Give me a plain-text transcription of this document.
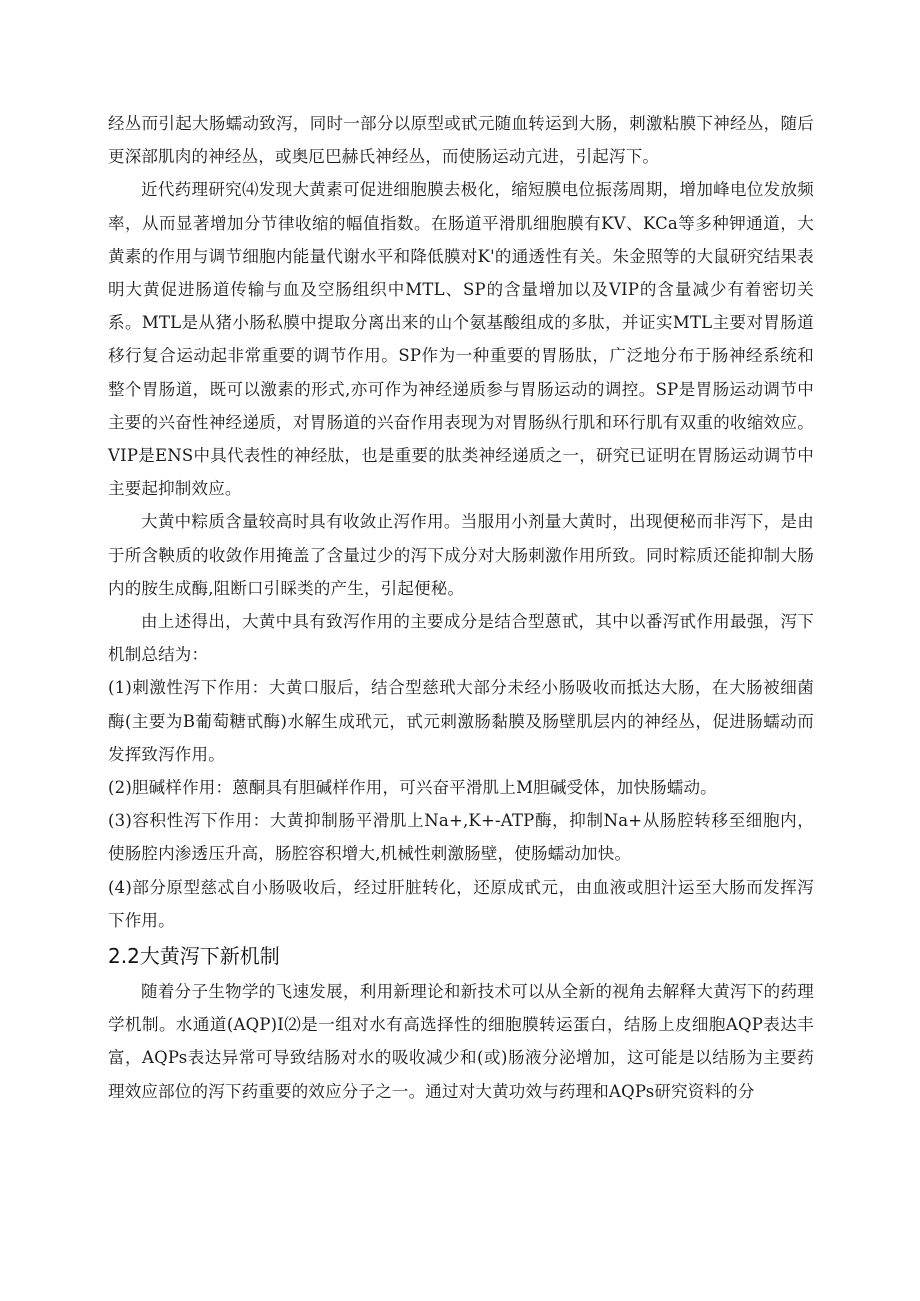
经丛而引起大肠蠕动致泻，同时一部分以原型或甙元随血转运到大肠，刺激粘膜下神经丛，随后更深部肌肉的神经丛，或奥厄巴赫氏神经丛，而使肠运动亢进，引起泻下。

近代药理研究⑷发现大黄素可促进细胞膜去极化，缩短膜电位振荡周期，增加峰电位发放频率，从而显著增加分节律收缩的幅值指数。在肠道平滑肌细胞膜有KV、KCa等多种钾通道，大黄素的作用与调节细胞内能量代谢水平和降低膜对K'的通透性有关。朱金照等的大鼠研究结果表明大黄促进肠道传输与血及空肠组织中MTL、SP的含量增加以及VIP的含量减少有着密切关系。MTL是从猪小肠私膜中提取分离出来的山个氨基酸组成的多肽，并证实MTL主要对胃肠道移行复合运动起非常重要的调节作用。SP作为一种重要的胃肠肽，广泛地分布于肠神经系统和整个胃肠道，既可以激素的形式,亦可作为神经递质参与胃肠运动的调控。SP是胃肠运动调节中主要的兴奋性神经递质，对胃肠道的兴奋作用表现为对胃肠纵行肌和环行肌有双重的收缩效应。VIP是ENS中具代表性的神经肽，也是重要的肽类神经递质之一，研究已证明在胃肠运动调节中主要起抑制效应。

大黄中粽质含量较高时具有收敛止泻作用。当服用小剂量大黄时，出现便秘而非泻下，是由于所含鞅质的收敛作用掩盖了含量过少的泻下成分对大肠刺激作用所致。同时粽质还能抑制大肠内的胺生成酶,阻断口引睬类的产生，引起便秘。

由上述得出，大黄中具有致泻作用的主要成分是结合型蒽甙，其中以番泻甙作用最强，泻下机制总结为：

(1)刺激性泻下作用：大黄口服后，结合型慈玳大部分未经小肠吸收而抵达大肠，在大肠被细菌酶(主要为B葡萄糖甙酶)水解生成玳元，甙元刺激肠黏膜及肠壁肌层内的神经丛，促进肠蠕动而发挥致泻作用。

(2)胆碱样作用：蒽酮具有胆碱样作用，可兴奋平滑肌上M胆碱受体，加快肠蠕动。

(3)容积性泻下作用：大黄抑制肠平滑肌上Na+,K+-ATP酶，抑制Na+从肠腔转移至细胞内，使肠腔内渗透压升高，肠腔容积增大,机械性刺激肠壁，使肠蠕动加快。

(4)部分原型慈忒自小肠吸收后，经过肝脏转化，还原成甙元，由血液或胆汁运至大肠而发挥泻下作用。

2.2大黄泻下新机制

随着分子生物学的飞速发展，利用新理论和新技术可以从全新的视角去解释大黄泻下的药理学机制。水通道(AQP)I⑵是一组对水有高选择性的细胞膜转运蛋白，结肠上皮细胞AQP表达丰富，AQPs表达异常可导致结肠对水的吸收减少和(或)肠液分泌增加，这可能是以结肠为主要药理效应部位的泻下药重要的效应分子之一。通过对大黄功效与药理和AQPs研究资料的分
